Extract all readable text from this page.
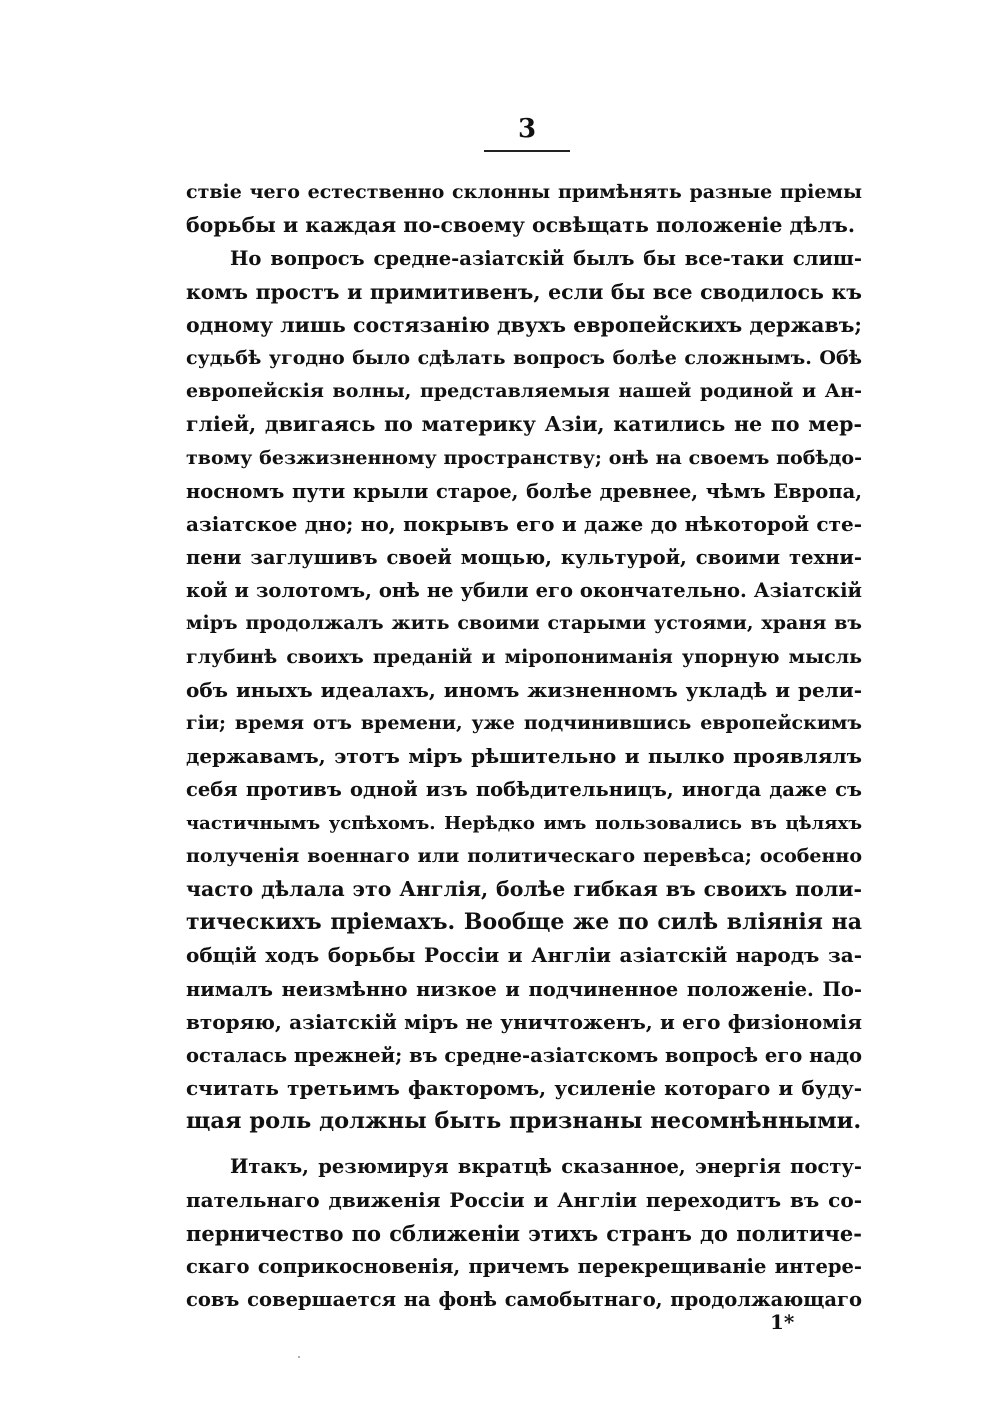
3
ствіе чего естественно склонны примѣнять разные пріемы
борьбы и каждая по-своему освѣщать положеніе дѣлъ.
Но вопросъ средне-азіатскій былъ бы все-таки слиш-
комъ простъ и примитивенъ, если бы все сводилось къ
одному лишь состязанію двухъ европейскихъ державъ;
судьбѣ угодно было сдѣлать вопросъ болѣе сложнымъ. Обѣ
европейскія волны, представляемыя нашей родиной и Ан-
гліей, двигаясь по материку Азіи, катились не по мер-
твому безжизненному пространству; онѣ на своемъ побѣдо-
носномъ пути крыли старое, болѣе древнее, чѣмъ Европа,
азіатское дно; но, покрывъ его и даже до нѣкоторой сте-
пени заглушивъ своей мощью, культурой, своими техни-
кой и золотомъ, онѣ не убили его окончательно. Азіатскій
міръ продолжалъ жить своими старыми устоями, храня въ
глубинѣ своихъ преданій и міропониманія упорную мысль
объ иныхъ идеалахъ, иномъ жизненномъ укладѣ и рели-
гіи; время отъ времени, уже подчинившись европейскимъ
державамъ, этотъ міръ рѣшительно и пылко проявлялъ
себя противъ одной изъ побѣдительницъ, иногда даже съ
частичнымъ успѣхомъ. Нерѣдко имъ пользовались въ цѣляхъ
полученія военнаго или политическаго перевѣса; особенно
часто дѣлала это Англія, болѣе гибкая въ своихъ поли-
тическихъ пріемахъ. Вообще же по силѣ вліянія на
общій ходъ борьбы Россіи и Англіи азіатскій народъ за-
нималъ неизмѣнно низкое и подчиненное положеніе. По-
вторяю, азіатскій міръ не уничтоженъ, и его физіономія
осталась прежней; въ средне-азіатскомъ вопросѣ его надо
считать третьимъ факторомъ, усиленіе котораго и буду-
щая роль должны быть признаны несомнѣнными.
Итакъ, резюмируя вкратцѣ сказанное, энергія посту-
пательнаго движенія Россіи и Англіи переходитъ въ со-
перничество по сближеніи этихъ странъ до политиче-
скаго соприкосновенія, причемъ перекрещиваніе интере-
совъ совершается на фонѣ самобытнаго, продолжающаго
1*
